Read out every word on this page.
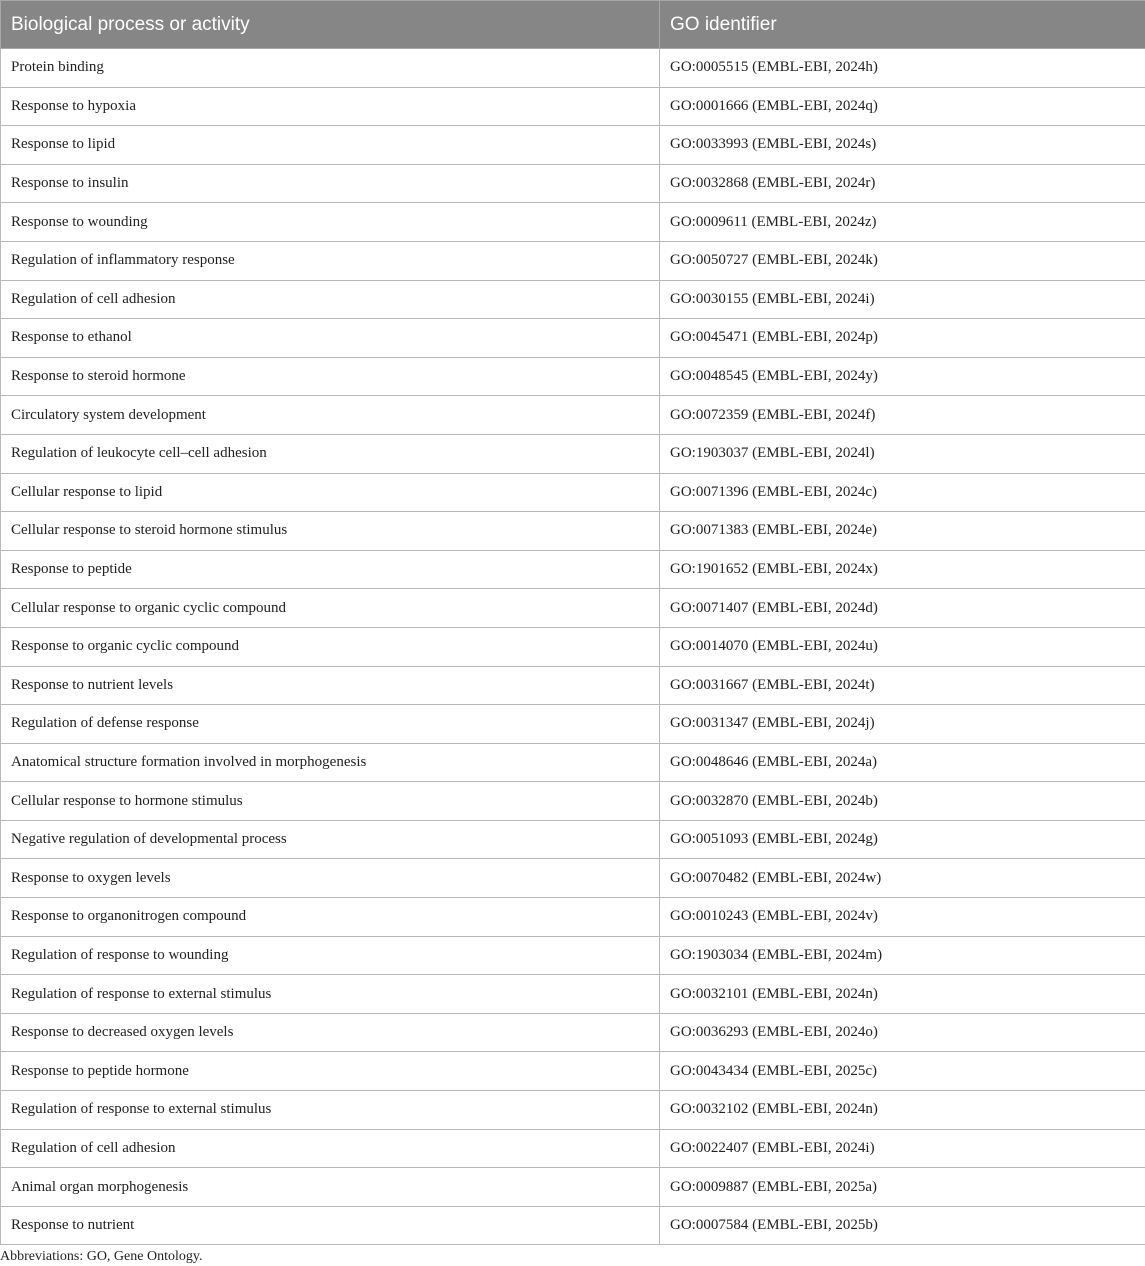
Biological process or activity	GO identifier
Protein binding	GO:0005515 (EMBL-EBI, 2024h)
Response to hypoxia	GO:0001666 (EMBL-EBI, 2024q)
Response to lipid	GO:0033993 (EMBL-EBI, 2024s)
Response to insulin	GO:0032868 (EMBL-EBI, 2024r)
Response to wounding	GO:0009611 (EMBL-EBI, 2024z)
Regulation of inflammatory response	GO:0050727 (EMBL-EBI, 2024k)
Regulation of cell adhesion	GO:0030155 (EMBL-EBI, 2024i)
Response to ethanol	GO:0045471 (EMBL-EBI, 2024p)
Response to steroid hormone	GO:0048545 (EMBL-EBI, 2024y)
Circulatory system development	GO:0072359 (EMBL-EBI, 2024f)
Regulation of leukocyte cell–cell adhesion	GO:1903037 (EMBL-EBI, 2024l)
Cellular response to lipid	GO:0071396 (EMBL-EBI, 2024c)
Cellular response to steroid hormone stimulus	GO:0071383 (EMBL-EBI, 2024e)
Response to peptide	GO:1901652 (EMBL-EBI, 2024x)
Cellular response to organic cyclic compound	GO:0071407 (EMBL-EBI, 2024d)
Response to organic cyclic compound	GO:0014070 (EMBL-EBI, 2024u)
Response to nutrient levels	GO:0031667 (EMBL-EBI, 2024t)
Regulation of defense response	GO:0031347 (EMBL-EBI, 2024j)
Anatomical structure formation involved in morphogenesis	GO:0048646 (EMBL-EBI, 2024a)
Cellular response to hormone stimulus	GO:0032870 (EMBL-EBI, 2024b)
Negative regulation of developmental process	GO:0051093 (EMBL-EBI, 2024g)
Response to oxygen levels	GO:0070482 (EMBL-EBI, 2024w)
Response to organonitrogen compound	GO:0010243 (EMBL-EBI, 2024v)
Regulation of response to wounding	GO:1903034 (EMBL-EBI, 2024m)
Regulation of response to external stimulus	GO:0032101 (EMBL-EBI, 2024n)
Response to decreased oxygen levels	GO:0036293 (EMBL-EBI, 2024o)
Response to peptide hormone	GO:0043434 (EMBL-EBI, 2025c)
Regulation of response to external stimulus	GO:0032102 (EMBL-EBI, 2024n)
Regulation of cell adhesion	GO:0022407 (EMBL-EBI, 2024i)
Animal organ morphogenesis	GO:0009887 (EMBL-EBI, 2025a)
Response to nutrient	GO:0007584 (EMBL-EBI, 2025b)

Abbreviations: GO, Gene Ontology.
